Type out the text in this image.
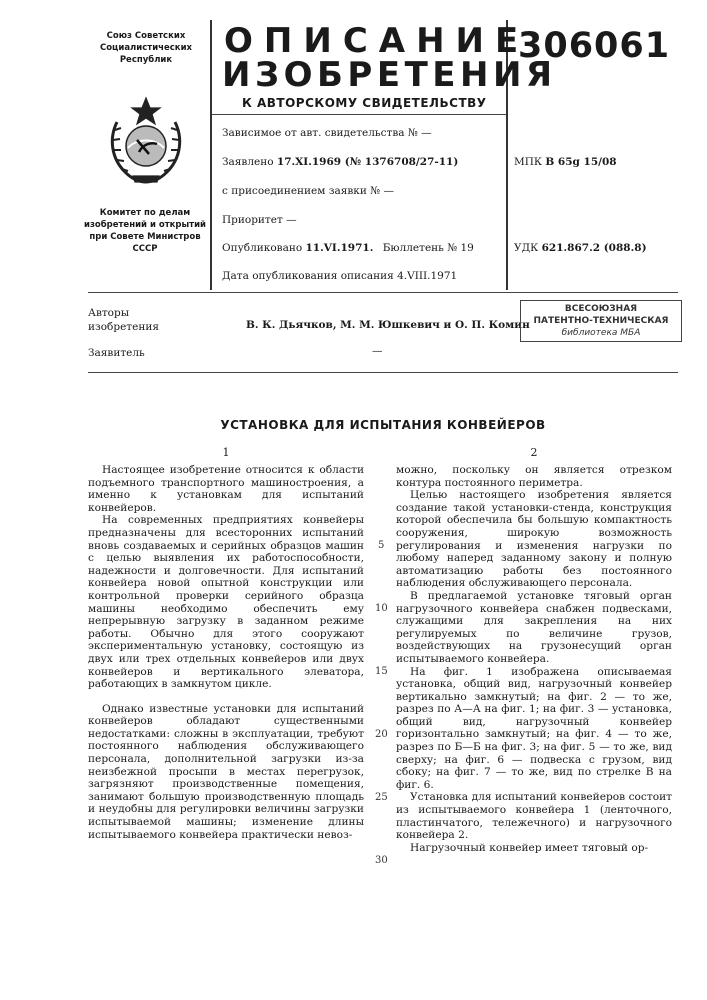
Союз Советских
Социалистических
Республик
Комитет по делам
изобретений и открытий
при Совете Министров
СССР
ОПИСАНИЕ
ИЗОБРЕТЕНИЯ
К АВТОРСКОМУ СВИДЕТЕЛЬСТВУ
306061
Зависимое от авт. свидетельства № —
Заявлено 17.XI.1969 (№ 1376708/27-11)
с присоединением заявки № —
Приоритет —
Опубликовано 11.VI.1971. Бюллетень № 19
Дата опубликования описания 4.VIII.1971
МПК B 65g 15/08
УДК 621.867.2 (088.8)
Авторы
изобретения	В. К. Дьячков, М. М. Юшкевич и О. П. Комин
Заявитель	—
ВСЕСОЮЗНАЯ
ПАТЕНТНО-ТЕХНИЧЕСКАЯ
библиотека МБА
УСТАНОВКА ДЛЯ ИСПЫТАНИЯ КОНВЕЙЕРОВ
1	2

Настоящее изобретение относится к области подъемного транспортного машиностроения, а именно к установкам для испытаний конвейеров.

На современных предприятиях конвейеры предназначены для всесторонних испытаний вновь создаваемых и серийных образцов машин с целью выявления их работоспособности, надежности и долговечности. Для испытаний конвейера новой опытной конструкции или контрольной проверки серийного образца машины необходимо обеспечить ему непрерывную загрузку в заданном режиме работы. Обычно для этого сооружают экспериментальную установку, состоящую из двух или трех отдельных конвейеров или двух конвейеров и вертикального элеватора, работающих в замкнутом цикле.

Однако известные установки для испытаний конвейеров обладают существенными недостатками: сложны в эксплуатации, требуют постоянного наблюдения обслуживающего персонала, дополнительной загрузки из-за неизбежной просыпи в местах перегрузок, загрязняют производственные помещения, занимают большую производственную площадь и неудобны для регулировки величины загрузки испытываемой машины; изменение длины испытываемого конвейера практически невоз-

5
10
15
20
25
30

можно, поскольку он является отрезком контура постоянного периметра.

Целью настоящего изобретения является создание такой установки-стенда, конструкция которой обеспечила бы большую компактность сооружения, широкую возможность регулирования и изменения нагрузки по любому наперед заданному закону и полную автоматизацию работы без постоянного наблюдения обслуживающего персонала.

В предлагаемой установке тяговый орган нагрузочного конвейера снабжен подвесками, служащими для закрепления на них регулируемых по величине грузов, воздействующих на грузонесущий орган испытываемого конвейера.

На фиг. 1 изображена описываемая установка, общий вид, нагрузочный конвейер вертикально замкнутый; на фиг. 2 — то же, разрез по А—А на фиг. 1; на фиг. 3 — установка, общий вид, нагрузочный конвейер горизонтально замкнутый; на фиг. 4 — то же, разрез по Б—Б на фиг. 3; на фиг. 5 — то же, вид сверху; на фиг. 6 — подвеска с грузом, вид сбоку; на фиг. 7 — то же, вид по стрелке В на фиг. 6.

Установка для испытаний конвейеров состоит из испытываемого конвейера 1 (ленточного, пластинчатого, тележечного) и нагрузочного конвейера 2.

Нагрузочный конвейер имеет тяговый ор-
